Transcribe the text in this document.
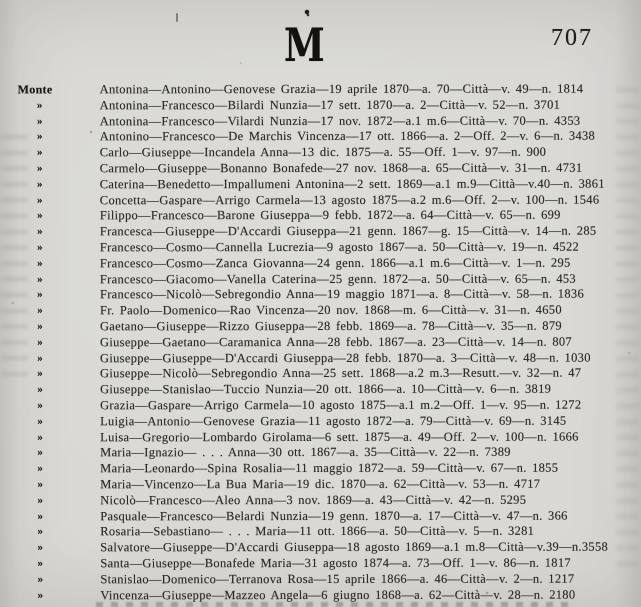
M	707
Monte	Antonina—Antonino—Genovese Grazia—19 aprile 1870—a. 70—Città—v. 49—n. 1814
»	Antonina—Francesco—Bilardi Nunzia—17 sett. 1870—a. 2—Città—v. 52—n. 3701
»	Antonina—Francesco—Vilardi Nunzia—17 nov. 1872—a.1 m.6—Città—v. 70—n. 4353
»	Antonino—Francesco—De Marchis Vincenza—17 ott. 1866—a. 2—Off. 2—v. 6—n. 3438
»	Carlo—Giuseppe—Incandela Anna—13 dic. 1875—a. 55—Off. 1—v. 97—n. 900
»	Carmelo—Giuseppe—Bonanno Bonafede—27 nov. 1868—a. 65—Città—v. 31—n. 4731
»	Caterina—Benedetto—Impallumeni Antonina—2 sett. 1869—a.1 m.9—Città—v.40—n. 3861
»	Concetta—Gaspare—Arrigo Carmela—13 agosto 1875—a.2 m.6—Off. 2—v. 100—n. 1546
»	Filippo—Francesco—Barone Giuseppa—9 febb. 1872—a. 64—Città—v. 65—n. 699
»	Francesca—Giuseppe—D'Accardi Giuseppa—21 genn. 1867—g. 15—Città—v. 14—n. 285
»	Francesco—Cosmo—Cannella Lucrezia—9 agosto 1867—a. 50—Città—v. 19—n. 4522
»	Francesco—Cosmo—Zanca Giovanna—24 genn. 1866—a.1 m.6—Città—v. 1—n. 295
»	Francesco—Giacomo—Vanella Caterina—25 genn. 1872—a. 50—Città—v. 65—n. 453
»	Francesco—Nicolò—Sebregondio Anna—19 maggio 1871—a. 8—Città—v. 58—n. 1836
»	Fr. Paolo—Domenico—Rao Vincenza—20 nov. 1868—m. 6—Città—v. 31—n. 4650
»	Gaetano—Giuseppe—Rizzo Giuseppa—28 febb. 1869—a. 78—Città—v. 35—n. 879
»	Giuseppe—Gaetano—Caramanica Anna—28 febb. 1867—a. 23—Città—v. 14—n. 807
»	Giuseppe—Giuseppe—D'Accardi Giuseppa—28 febb. 1870—a. 3—Città—v. 48—n. 1030
»	Giuseppe—Nicolò—Sebregondio Anna—25 sett. 1868—a.2 m.3—Resutt.—v. 32—n. 47
»	Giuseppe—Stanislao—Tuccio Nunzia—20 ott. 1866—a. 10—Città—v. 6—n. 3819
»	Grazia—Gaspare—Arrigo Carmela—10 agosto 1875—a.1 m.2—Off. 1—v. 95—n. 1272
»	Luigia—Antonio—Genovese Grazia—11 agosto 1872—a. 79—Città—v. 69—n. 3145
»	Luisa—Gregorio—Lombardo Girolama—6 sett. 1875—a. 49—Off. 2—v. 100—n. 1666
»	Maria—Ignazio— . . . Anna—30 ott. 1867—a. 35—Città—v. 22—n. 7389
»	Maria—Leonardo—Spina Rosalia—11 maggio 1872—a. 59—Città—v. 67—n. 1855
»	Maria—Vincenzo—La Bua Maria—19 dic. 1870—a. 62—Città—v. 53—n. 4717
»	Nicolò—Francesco—Aleo Anna—3 nov. 1869—a. 43—Città—v. 42—n. 5295
»	Pasquale—Francesco—Belardi Nunzia—19 genn. 1870—a. 17—Città—v. 47—n. 366
»	Rosaria—Sebastiano— . . . Maria—11 ott. 1866—a. 50—Città—v. 5—n. 3281
»	Salvatore—Giuseppe—D'Accardi Giuseppa—18 agosto 1869—a.1 m.8—Città—v.39—n.3558
»	Santa—Giuseppe—Bonafede Maria—31 agosto 1874—a. 73—Off. 1—v. 86—n. 1817
»	Stanislao—Domenico—Terranova Rosa—15 aprile 1866—a. 46—Città—v. 2—n. 1217
»	Vincenza—Giuseppe—Mazzeo Angela—6 giugno 1868—a. 62—Città—v. 28—n. 2180
